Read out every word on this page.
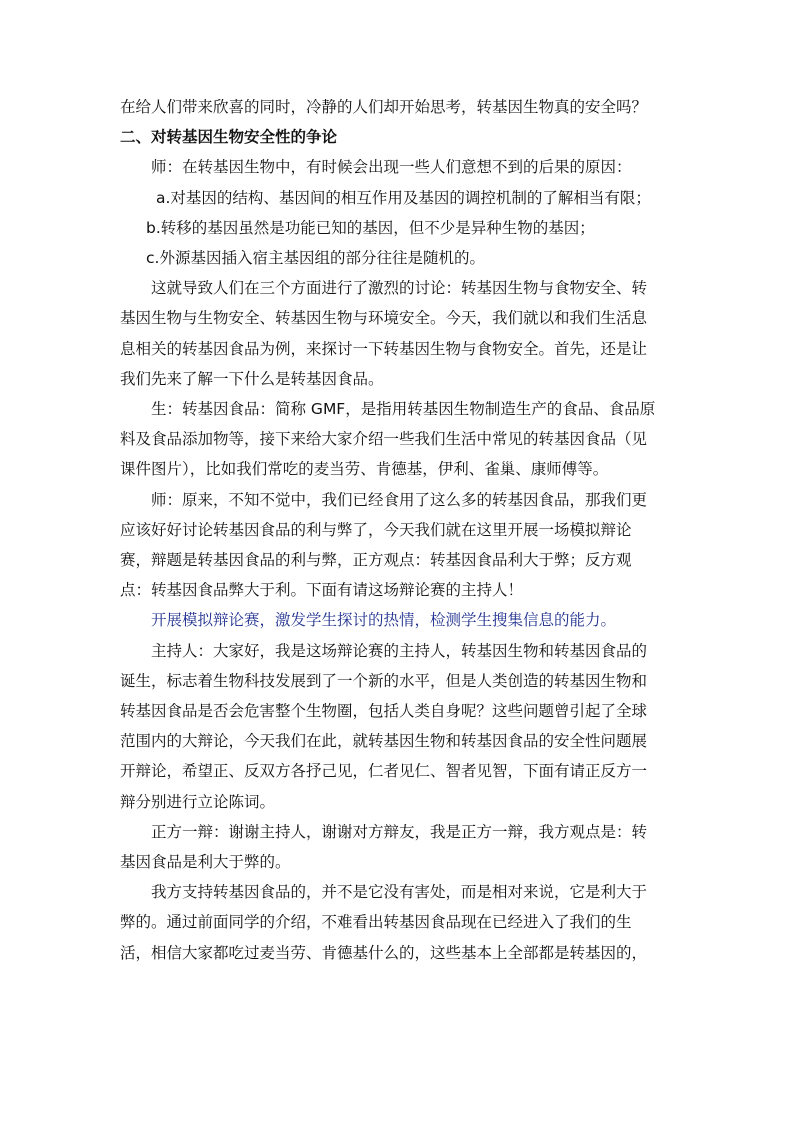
在给人们带来欣喜的同时，冷静的人们却开始思考，转基因生物真的安全吗？

二、对转基因生物安全性的争论

师：在转基因生物中，有时候会出现一些人们意想不到的后果的原因：

a.对基因的结构、基因间的相互作用及基因的调控机制的了解相当有限；

b.转移的基因虽然是功能已知的基因，但不少是异种生物的基因；

c.外源基因插入宿主基因组的部分往往是随机的。

这就导致人们在三个方面进行了激烈的讨论：转基因生物与食物安全、转

基因生物与生物安全、转基因生物与环境安全。今天，我们就以和我们生活息

息相关的转基因食品为例，来探讨一下转基因生物与食物安全。首先，还是让

我们先来了解一下什么是转基因食品。

生：转基因食品：简称 GMF，是指用转基因生物制造生产的食品、食品原

料及食品添加物等，接下来给大家介绍一些我们生活中常见的转基因食品（见

课件图片），比如我们常吃的麦当劳、肯德基，伊利、雀巢、康师傅等。

师：原来，不知不觉中，我们已经食用了这么多的转基因食品，那我们更

应该好好讨论转基因食品的利与弊了，今天我们就在这里开展一场模拟辩论

赛，辩题是转基因食品的利与弊，正方观点：转基因食品利大于弊；反方观

点：转基因食品弊大于利。下面有请这场辩论赛的主持人！

开展模拟辩论赛，激发学生探讨的热情，检测学生搜集信息的能力。

主持人：大家好，我是这场辩论赛的主持人，转基因生物和转基因食品的

诞生，标志着生物科技发展到了一个新的水平，但是人类创造的转基因生物和

转基因食品是否会危害整个生物圈，包括人类自身呢？这些问题曾引起了全球

范围内的大辩论，今天我们在此，就转基因生物和转基因食品的安全性问题展

开辩论，希望正、反双方各抒己见，仁者见仁、智者见智，下面有请正反方一

辩分别进行立论陈词。

正方一辩：谢谢主持人，谢谢对方辩友，我是正方一辩，我方观点是：转

基因食品是利大于弊的。

我方支持转基因食品的，并不是它没有害处，而是相对来说，它是利大于

弊的。通过前面同学的介绍，不难看出转基因食品现在已经进入了我们的生

活，相信大家都吃过麦当劳、肯德基什么的，这些基本上全部都是转基因的，
